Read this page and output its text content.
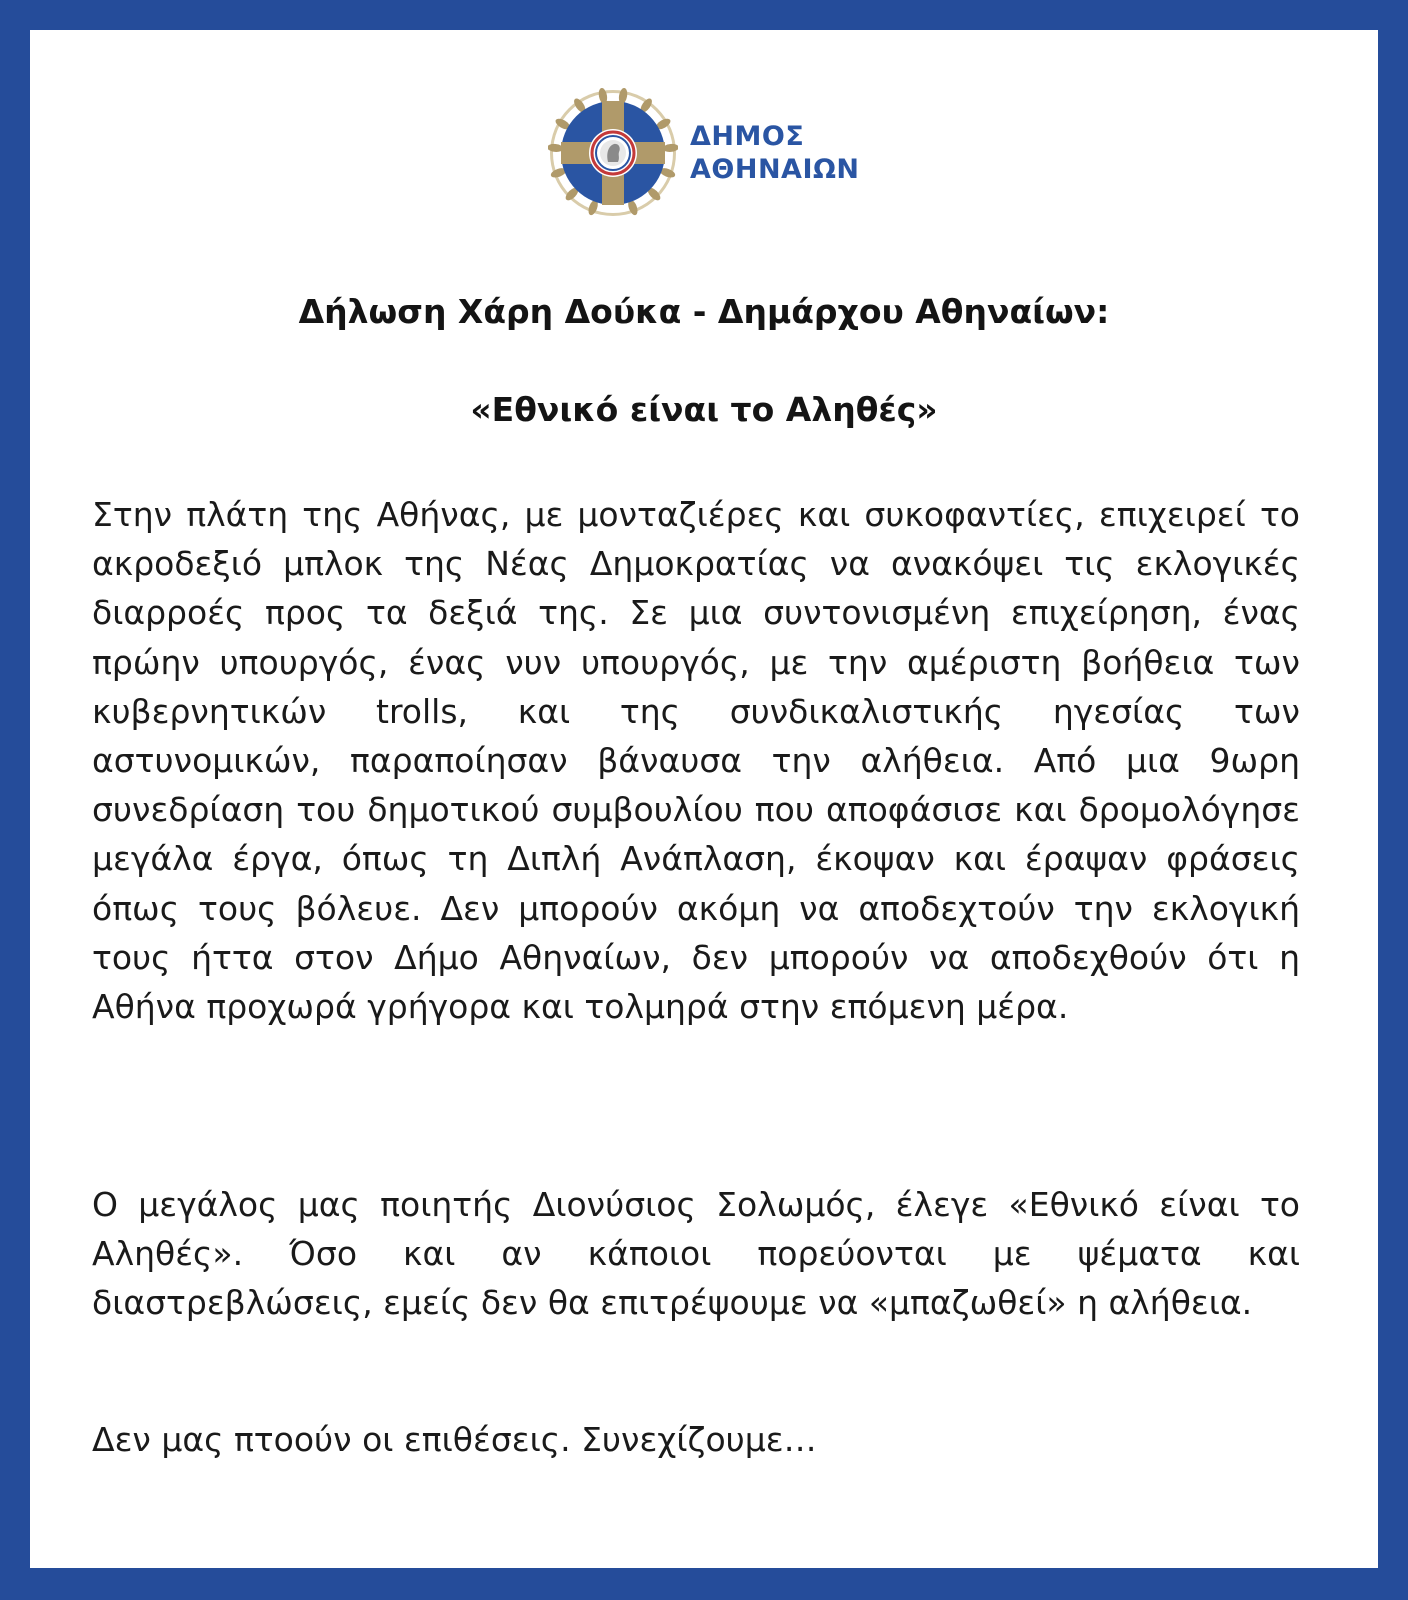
ΔΗΜΟΣ
ΑΘΗΝΑΙΩΝ
Δήλωση Χάρη Δούκα - Δημάρχου Αθηναίων:
«Εθνικό είναι το Αληθές»

Στην πλάτη της Αθήνας, με μονταζιέρες και συκοφαντίες, επιχειρεί το ακροδεξιό μπλοκ της Νέας Δημοκρατίας να ανακόψει τις εκλογικές διαρροές προς τα δεξιά της. Σε μια συντονισμένη επιχείρηση, ένας πρώην υπουργός, ένας νυν υπουργός, με την αμέριστη βοήθεια των κυβερνητικών trolls, και της συνδικαλιστικής ηγεσίας των αστυνομικών, παραποίησαν βάναυσα την αλήθεια. Από μια 9ωρη συνεδρίαση του δημοτικού συμβουλίου που αποφάσισε και δρομολόγησε μεγάλα έργα, όπως τη Διπλή Ανάπλαση, έκοψαν και έραψαν φράσεις όπως τους βόλευε. Δεν μπορούν ακόμη να αποδεχτούν την εκλογική τους ήττα στον Δήμο Αθηναίων, δεν μπορούν να αποδεχθούν ότι η Αθήνα προχωρά γρήγορα και τολμηρά στην επόμενη μέρα.

Ο μεγάλος μας ποιητής Διονύσιος Σολωμός, έλεγε «Εθνικό είναι το Αληθές». Όσο και αν κάποιοι πορεύονται με ψέματα και διαστρεβλώσεις, εμείς δεν θα επιτρέψουμε να «μπαζωθεί» η αλήθεια.

Δεν μας πτοούν οι επιθέσεις. Συνεχίζουμε…
